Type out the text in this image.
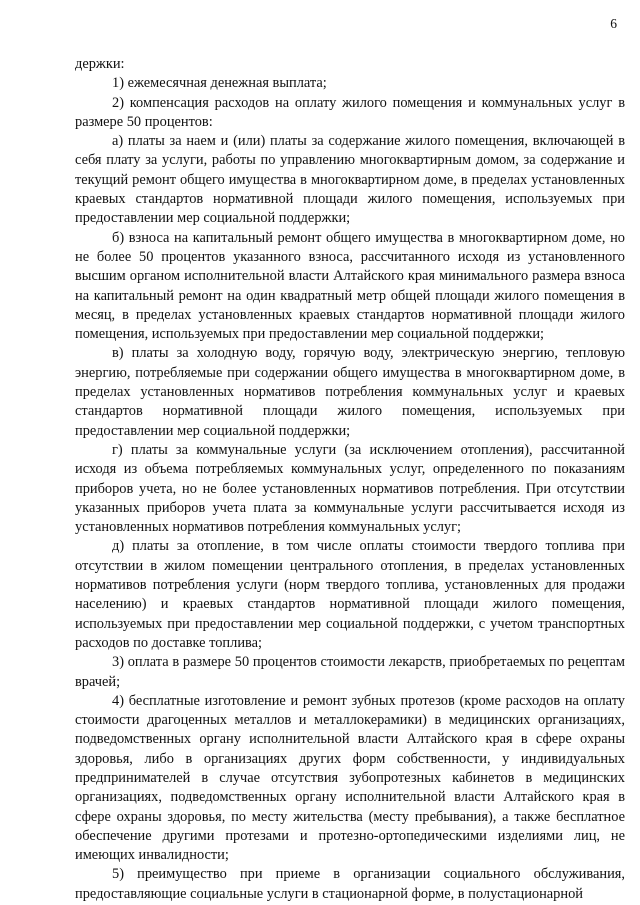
6

держки:

1) ежемесячная денежная выплата;

2) компенсация расходов на оплату жилого помещения и коммунальных услуг в размере 50 процентов:

а) платы за наем и (или) платы за содержание жилого помещения, включающей в себя плату за услуги, работы по управлению многоквартирным домом, за содержание и текущий ремонт общего имущества в многоквартирном доме, в пределах установленных краевых стандартов нормативной площади жилого помещения, используемых при предоставлении мер социальной поддержки;

б) взноса на капитальный ремонт общего имущества в многоквартирном доме, но не более 50 процентов указанного взноса, рассчитанного исходя из установленного высшим органом исполнительной власти Алтайского края минимального размера взноса на капитальный ремонт на один квадратный метр общей площади жилого помещения в месяц, в пределах установленных краевых стандартов нормативной площади жилого помещения, используемых при предоставлении мер социальной поддержки;

в) платы за холодную воду, горячую воду, электрическую энергию, тепловую энергию, потребляемые при содержании общего имущества в многоквартирном доме, в пределах установленных нормативов потребления коммунальных услуг и краевых стандартов нормативной площади жилого помещения, используемых при предоставлении мер социальной поддержки;

г) платы за коммунальные услуги (за исключением отопления), рассчитанной исходя из объема потребляемых коммунальных услуг, определенного по показаниям приборов учета, но не более установленных нормативов потребления. При отсутствии указанных приборов учета плата за коммунальные услуги рассчитывается исходя из установленных нормативов потребления коммунальных услуг;

д) платы за отопление, в том числе оплаты стоимости твердого топлива при отсутствии в жилом помещении центрального отопления, в пределах установленных нормативов потребления услуги (норм твердого топлива, установленных для продажи населению) и краевых стандартов нормативной площади жилого помещения, используемых при предоставлении мер социальной поддержки, с учетом транспортных расходов по доставке топлива;

3) оплата в размере 50 процентов стоимости лекарств, приобретаемых по рецептам врачей;

4) бесплатные изготовление и ремонт зубных протезов (кроме расходов на оплату стоимости драгоценных металлов и металлокерамики) в медицинских организациях, подведомственных органу исполнительной власти Алтайского края в сфере охраны здоровья, либо в организациях других форм собственности, у индивидуальных предпринимателей в случае отсутствия зубопротезных кабинетов в медицинских организациях, подведомственных органу исполнительной власти Алтайского края в сфере охраны здоровья, по месту жительства (месту пребывания), а также бесплатное обеспечение другими протезами и протезно-ортопедическими изделиями лиц, не имеющих инвалидности;

5) преимущество при приеме в организации социального обслуживания, предоставляющие социальные услуги в стационарной форме, в полустационарной
